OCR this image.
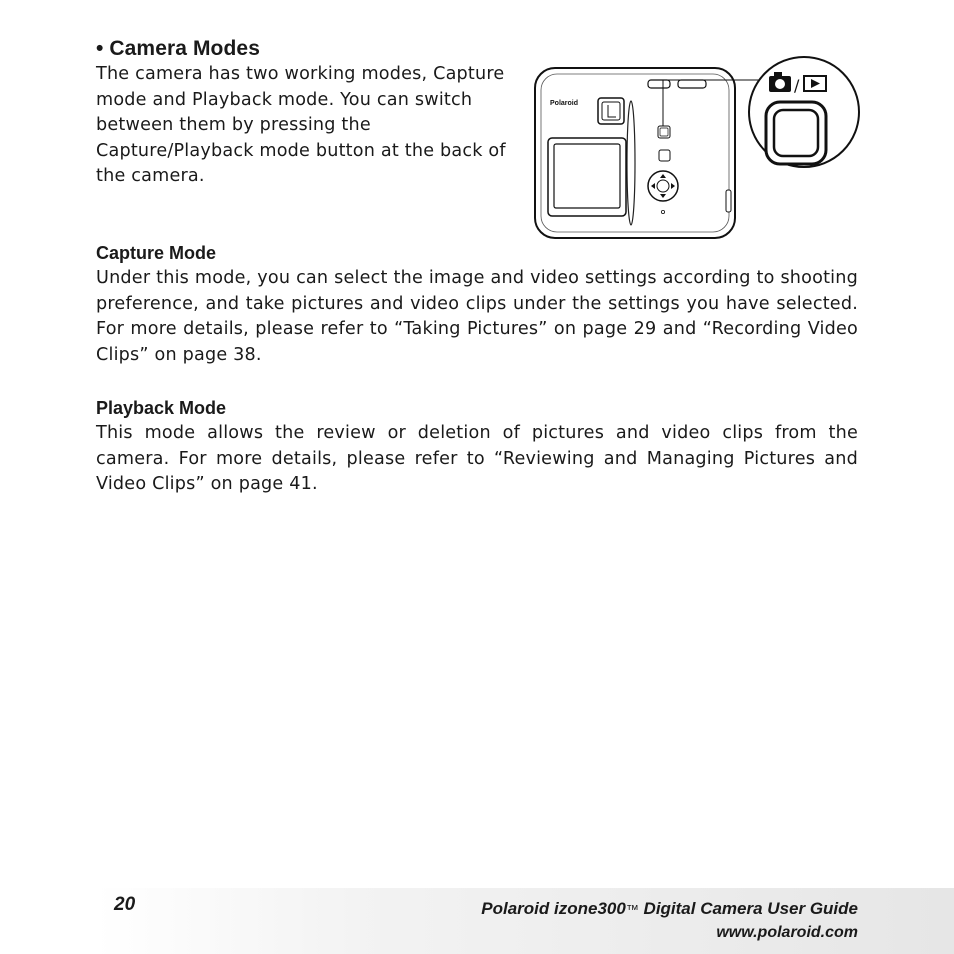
• Camera Modes

The camera has two working modes, Capture mode and Playback mode. You can switch between them by pressing the Capture/Playback mode button at the back of the camera.

Polaroid
/
Capture Mode

Under this mode, you can select the image and video settings according to shooting preference, and take pictures and video clips under the settings you have selected. For more details, please refer to “Taking Pictures” on page 29 and “Recording Video Clips” on page 38.

Playback Mode

This mode allows the review or deletion of pictures and video clips from the camera. For more details, please refer to “Reviewing and Managing Pictures and Video Clips” on page 41.

20	Polaroid izone300™ Digital Camera User Guide
www.polaroid.com
